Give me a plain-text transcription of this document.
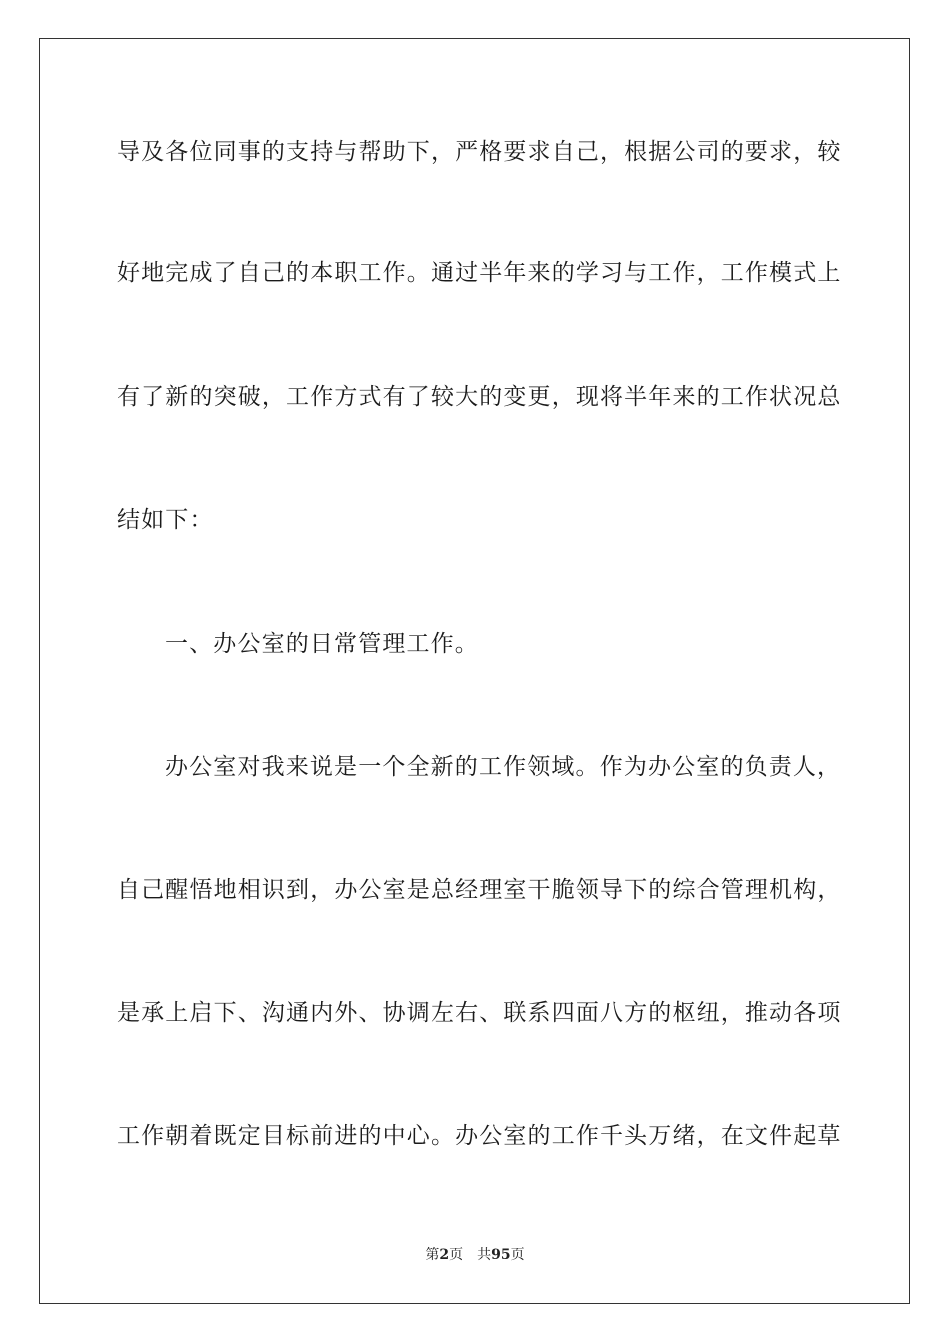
导及各位同事的支持与帮助下，严格要求自己，根据公司的要求，较
好地完成了自己的本职工作。通过半年来的学习与工作，工作模式上
有了新的突破，工作方式有了较大的变更，现将半年来的工作状况总
结如下：
一、办公室的日常管理工作。
办公室对我来说是一个全新的工作领域。作为办公室的负责人，
自己醒悟地相识到，办公室是总经理室干脆领导下的综合管理机构，
是承上启下、沟通内外、协调左右、联系四面八方的枢纽，推动各项
工作朝着既定目标前进的中心。办公室的工作千头万绪，在文件起草
第2页 共95页
